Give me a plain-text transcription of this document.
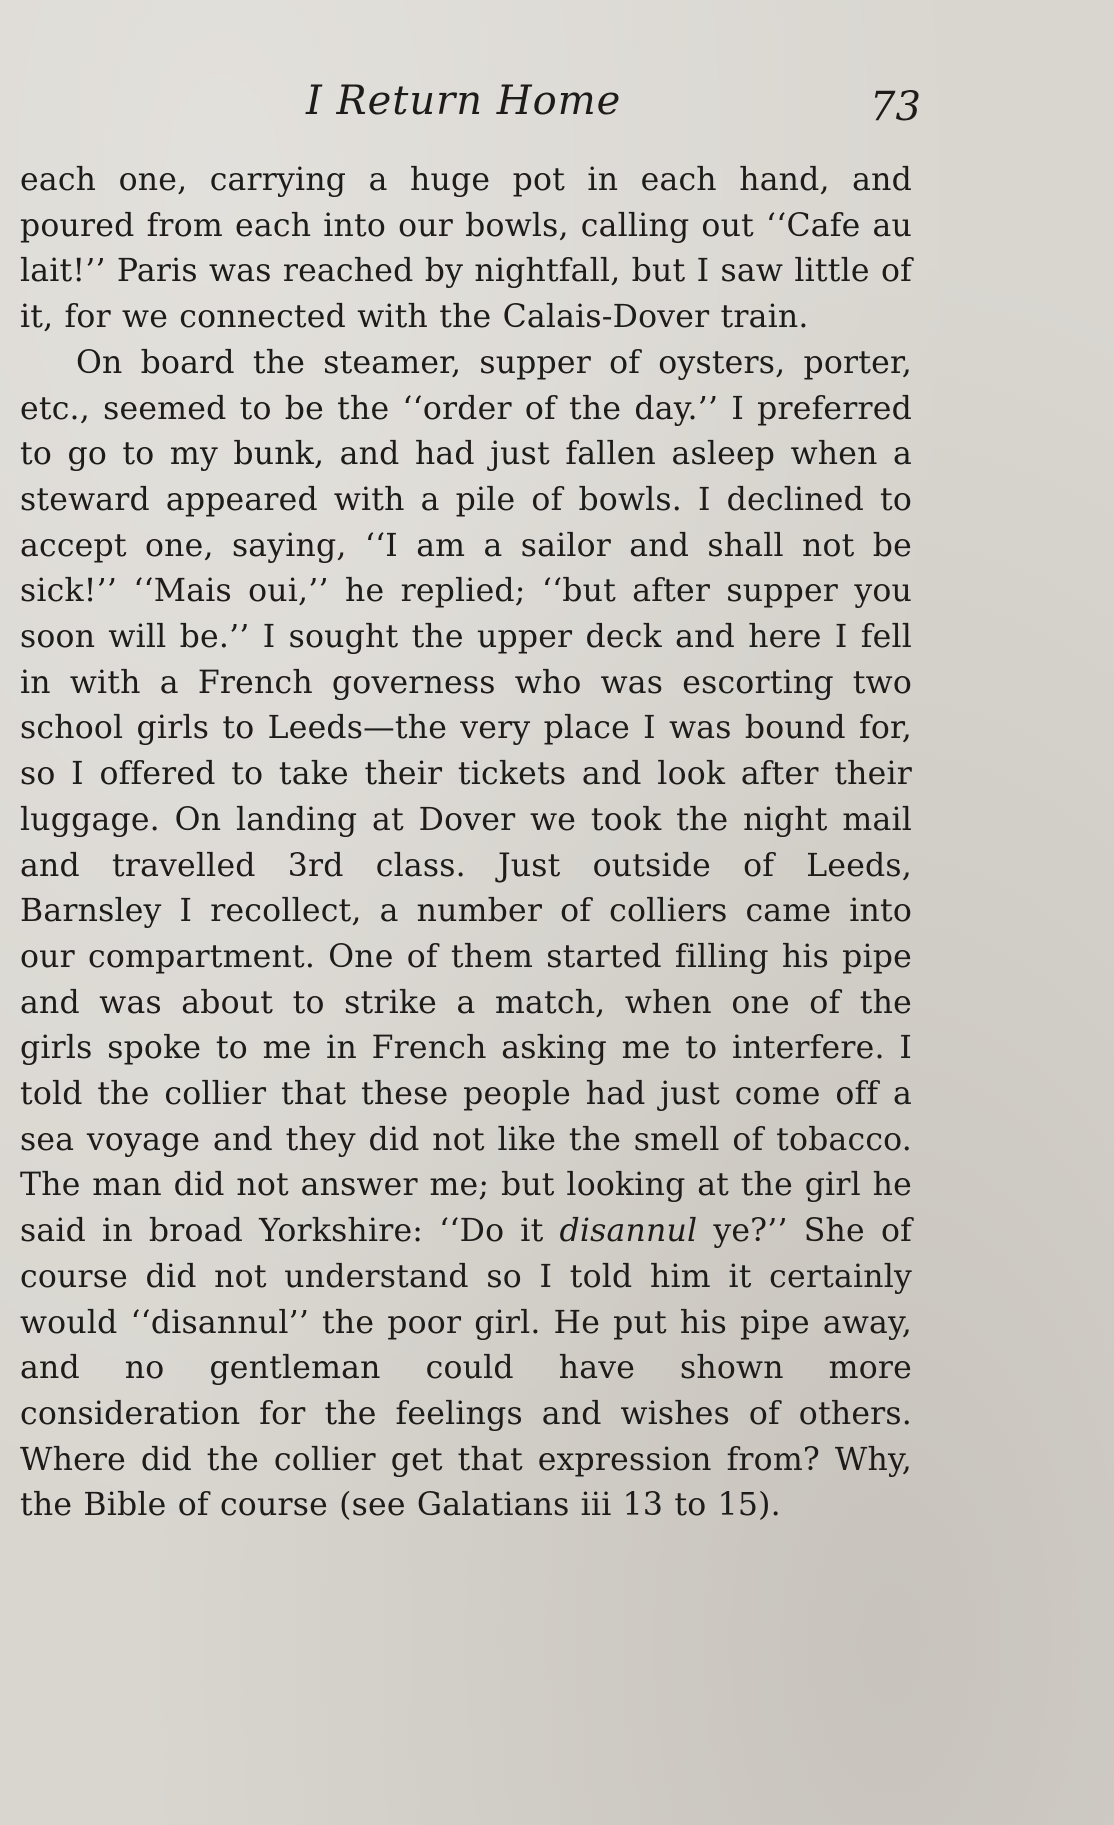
I Return Home	73

each one, carrying a huge pot in each hand, and poured from each into our bowls, calling out ‘‘Cafe au lait!’’ Paris was reached by nightfall, but I saw little of it, for we connected with the Calais-Dover train.

On board the steamer, supper of oysters, porter, etc., seemed to be the ‘‘order of the day.’’ I preferred to go to my bunk, and had just fallen asleep when a steward appeared with a pile of bowls. I declined to accept one, saying, ‘‘I am a sailor and shall not be sick!’’ ‘‘Mais oui,’’ he replied; ‘‘but after supper you soon will be.’’ I sought the upper deck and here I fell in with a French governess who was escorting two school girls to Leeds—the very place I was bound for, so I offered to take their tickets and look after their luggage. On landing at Dover we took the night mail and travelled 3rd class. Just outside of Leeds, Barnsley I recollect, a number of colliers came into our compartment. One of them started filling his pipe and was about to strike a match, when one of the girls spoke to me in French asking me to interfere. I told the collier that these people had just come off a sea voyage and they did not like the smell of tobacco. The man did not answer me; but looking at the girl he said in broad Yorkshire: ‘‘Do it disannul ye?’’ She of course did not understand so I told him it certainly would ‘‘disannul’’ the poor girl. He put his pipe away, and no gentleman could have shown more consideration for the feelings and wishes of others. Where did the collier get that expression from? Why, the Bible of course (see Galatians iii 13 to 15).
